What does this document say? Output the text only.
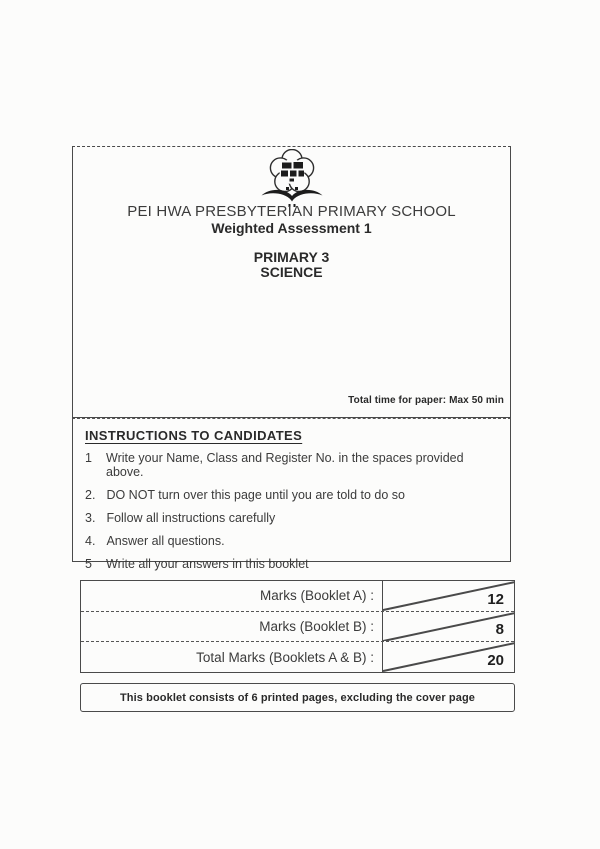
PEI HWA PRESBYTERIAN PRIMARY SCHOOL
Weighted Assessment 1
PRIMARY 3
SCIENCE
Total time for paper: Max 50 min
INSTRUCTIONS TO CANDIDATES
1 Write your Name, Class and Register No. in the spaces provided above.
2. DO NOT turn over this page until you are told to do so
3. Follow all instructions carefully
4. Answer all questions.
5 Write all your answers in this booklet
Marks (Booklet A) :	12
Marks (Booklet B) :	8
Total Marks (Booklets A & B) :	20
This booklet consists of 6 printed pages, excluding the cover page
